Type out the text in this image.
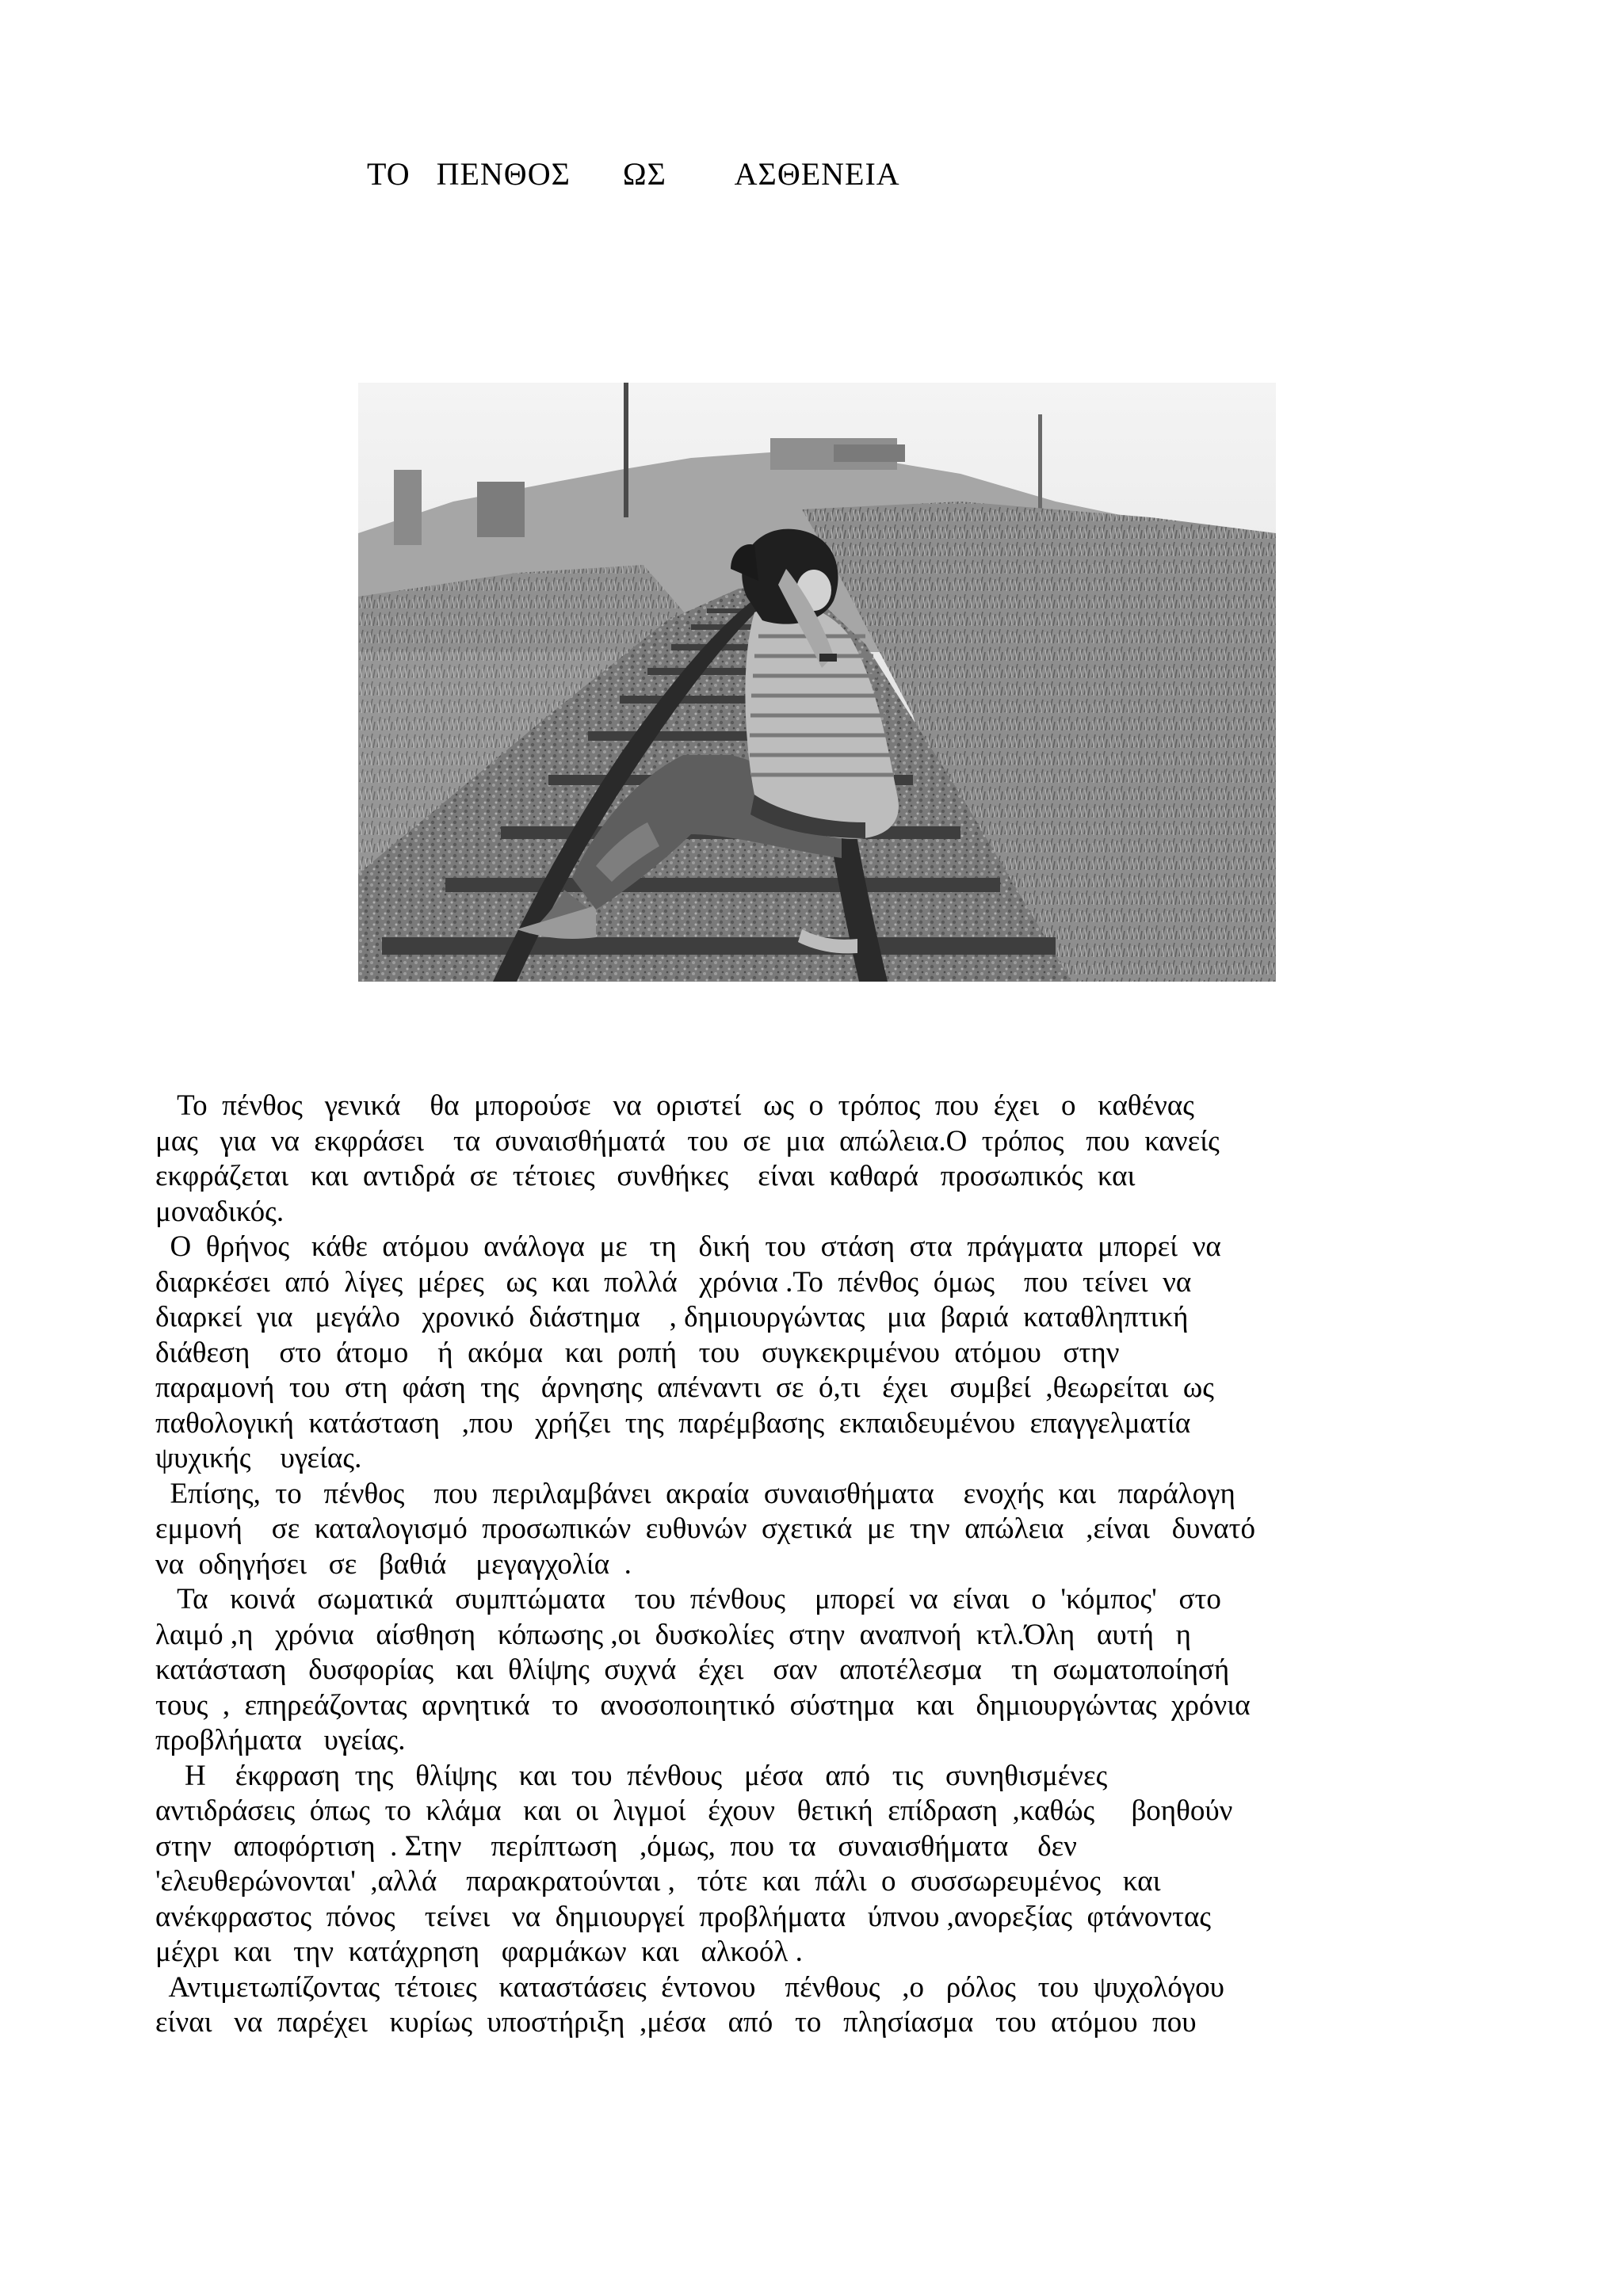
ΤΟ   ΠΕΝΘΟΣ      ΩΣ        ΑΣΘΕΝΕΙΑ
Το  πένθος   γενικά    θα  μπορούσε   να  οριστεί   ως  ο  τρόπος  που  έχει   ο   καθένας
μας   για  να  εκφράσει    τα  συναισθήματά   του  σε  μια  απώλεια.Ο  τρόπος   που  κανείς
εκφράζεται   και  αντιδρά  σε  τέτοιες   συνθήκες    είναι  καθαρά   προσωπικός  και
μοναδικός.
Ο  θρήνος   κάθε  ατόμου  ανάλογα  με   τη   δική  του  στάση  στα  πράγματα  μπορεί  να
διαρκέσει  από  λίγες  μέρες   ως  και  πολλά   χρόνια .Το  πένθος  όμως    που  τείνει  να
διαρκεί  για   μεγάλο   χρονικό  διάστημα    , δημιουργώντας   μια  βαριά  καταθληπτική
διάθεση    στο  άτομο    ή  ακόμα   και  ροπή   του   συγκεκριμένου  ατόμου   στην
παραμονή  του  στη  φάση  της   άρνησης  απέναντι  σε  ό,τι   έχει   συμβεί  ,θεωρείται  ως
παθολογική  κατάσταση   ,που   χρήζει  της  παρέμβασης  εκπαιδευμένου  επαγγελματία
ψυχικής    υγείας.
Επίσης,  το   πένθος    που  περιλαμβάνει  ακραία  συναισθήματα    ενοχής  και   παράλογη
εμμονή    σε  καταλογισμό  προσωπικών  ευθυνών  σχετικά  με  την  απώλεια   ,είναι   δυνατό
να  οδηγήσει   σε   βαθιά    μεγαγχολία  .
Τα   κοινά   σωματικά   συμπτώματα    του  πένθους    μπορεί  να  είναι   ο  'κόμπος'   στο
λαιμό ,η   χρόνια   αίσθηση   κόπωσης ,οι  δυσκολίες  στην  αναπνοή  κτλ.Όλη   αυτή   η
κατάσταση   δυσφορίας   και  θλίψης  συχνά   έχει    σαν   αποτέλεσμα    τη  σωματοποίησή
τους  ,  επηρεάζοντας  αρνητικά   το   ανοσοποιητικό  σύστημα   και   δημιουργώντας  χρόνια
προβλήματα   υγείας.
Η    έκφραση  της   θλίψης   και  του  πένθους   μέσα   από   τις   συνηθισμένες
αντιδράσεις  όπως  το  κλάμα   και  οι  λιγμοί   έχουν   θετική  επίδραση  ,καθώς     βοηθούν
στην   αποφόρτιση  . Στην    περίπτωση   ,όμως,  που  τα   συναισθήματα    δεν
'ελευθερώνονται'  ,αλλά    παρακρατούνται ,   τότε  και  πάλι  ο  συσσωρευμένος   και
ανέκφραστος  πόνος    τείνει   να  δημιουργεί  προβλήματα   ύπνου ,ανορεξίας  φτάνοντας
μέχρι  και   την  κατάχρηση   φαρμάκων  και   αλκοόλ .
Αντιμετωπίζοντας  τέτοιες   καταστάσεις  έντονου    πένθους   ,ο   ρόλος   του  ψυχολόγου
είναι   να  παρέχει   κυρίως  υποστήριξη  ,μέσα   από   το   πλησίασμα   του  ατόμου  που
